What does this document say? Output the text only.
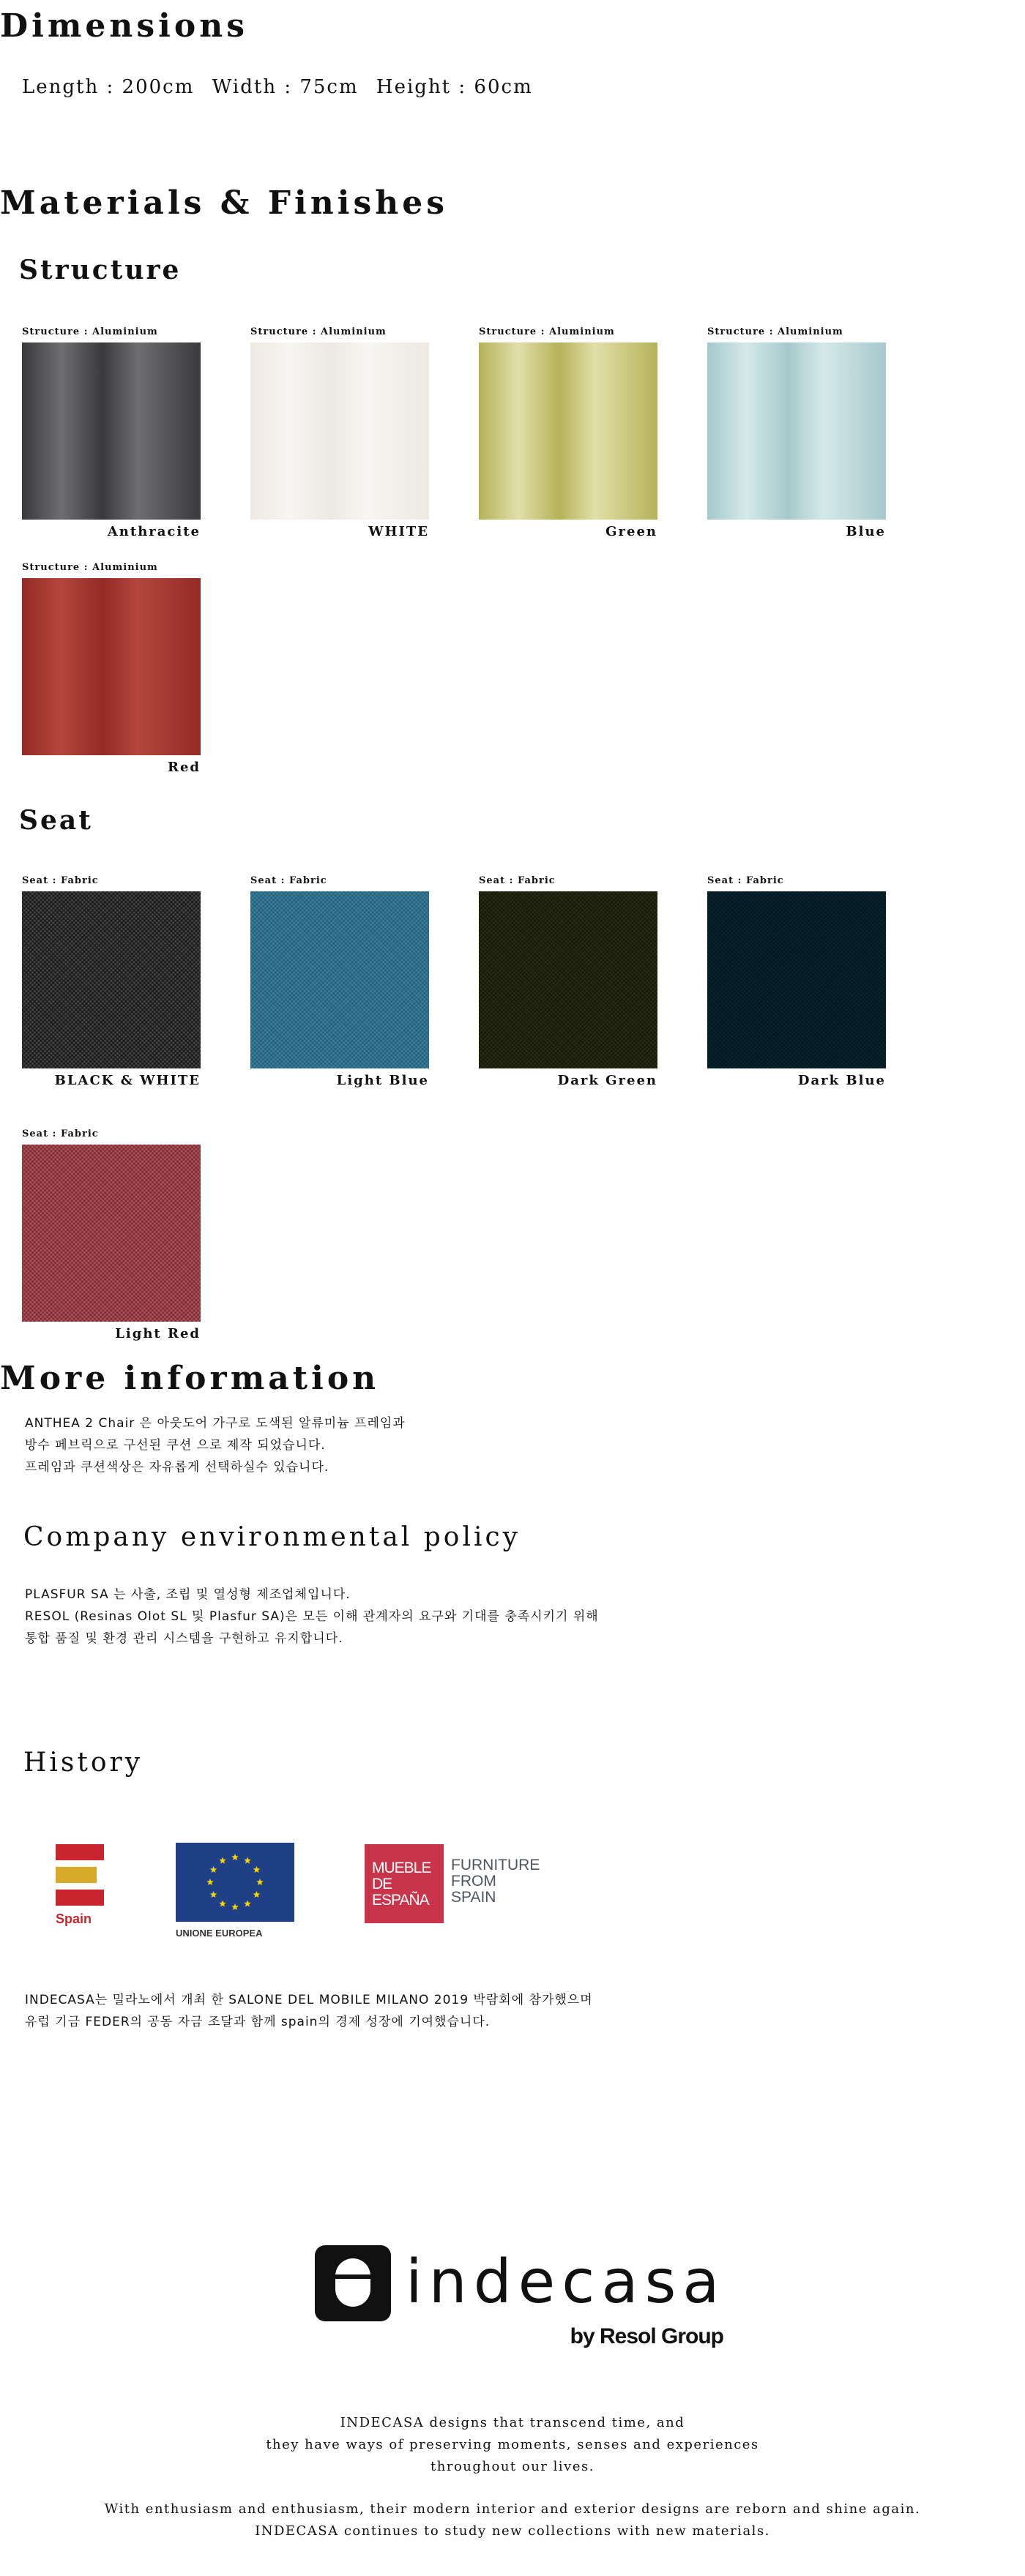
Dimensions
Length : 200cm Width : 75cm Height : 60cm
Materials & Finishes
Structure
Structure : Aluminium
Anthracite
Structure : Aluminium
WHITE
Structure : Aluminium
Green
Structure : Aluminium
Blue
Structure : Aluminium
Red
Seat
Seat : Fabric
BLACK & WHITE
Seat : Fabric
Light Blue
Seat : Fabric
Dark Green
Seat : Fabric
Dark Blue
Seat : Fabric
Light Red
More information
ANTHEA 2 Chair 은 아웃도어 가구로 도색된 알류미늄 프레임과
방수 페브릭으로 구선된 쿠션 으로 제작 되었습니다.
프레임과 쿠션색상은 자유롭게 선택하실수 있습니다.
Company environmental policy
PLASFUR SA 는 사출, 조립 및 열성형 제조업체입니다.
RESOL (Resinas Olot SL 및 Plasfur SA)은 모든 이해 관계자의 요구와 기대를 충족시키기 위해
통합 품질 및 환경 관리 시스템을 구현하고 유지합니다.
History
Spain
UNIONE EUROPEA
MUEBLE
DE
ESPAÑA
FURNITURE
FROM
SPAIN
INDECASA는 밀라노에서 개최 한 SALONE DEL MOBILE MILANO 2019 박람회에 참가했으며
유럽 기금 FEDER의 공동 자금 조달과 함께 spain의 경제 성장에 기여했습니다.
indecasa
by Resol Group
INDECASA designs that transcend time, and
they have ways of preserving moments, senses and experiences
throughout our lives.
With enthusiasm and enthusiasm, their modern interior and exterior designs are reborn and shine again.
INDECASA continues to study new collections with new materials.
